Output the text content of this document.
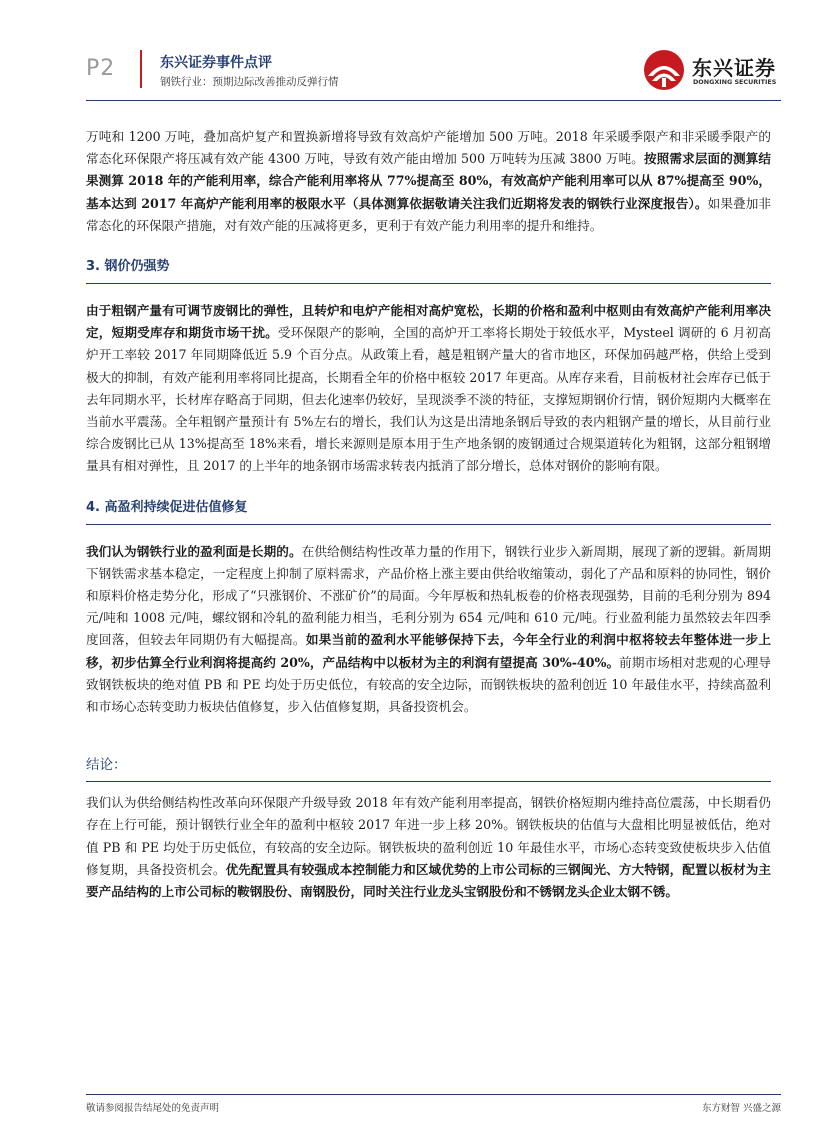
P2	东兴证券事件点评
钢铁行业：预期边际改善推动反弹行情
东兴证券
DONGXING SECURITIES

万吨和 1200 万吨，叠加高炉复产和置换新增将导致有效高炉产能增加 500 万吨。2018 年采暖季限产和非采暖季限产的常态化环保限产将压减有效产能 4300 万吨，导致有效产能由增加 500 万吨转为压减 3800 万吨。按照需求层面的测算结果测算 2018 年的产能利用率，综合产能利用率将从 77%提高至 80%，有效高炉产能利用率可以从 87%提高至 90%，基本达到 2017 年高炉产能利用率的极限水平（具体测算依据敬请关注我们近期将发表的钢铁行业深度报告）。如果叠加非常态化的环保限产措施，对有效产能的压减将更多，更利于有效产能力利用率的提升和维持。

3. 钢价仍强势

由于粗钢产量有可调节废钢比的弹性，且转炉和电炉产能相对高炉宽松，长期的价格和盈利中枢则由有效高炉产能利用率决定，短期受库存和期货市场干扰。受环保限产的影响，全国的高炉开工率将长期处于较低水平，Mysteel 调研的 6 月初高炉开工率较 2017 年同期降低近 5.9 个百分点。从政策上看，越是粗钢产量大的省市地区，环保加码越严格，供给上受到极大的抑制，有效产能利用率将同比提高，长期看全年的价格中枢较 2017 年更高。从库存来看，目前板材社会库存已低于去年同期水平，长材库存略高于同期，但去化速率仍较好，呈现淡季不淡的特征，支撑短期钢价行情，钢价短期内大概率在当前水平震荡。全年粗钢产量预计有 5%左右的增长，我们认为这是出清地条钢后导致的表内粗钢产量的增长，从目前行业综合废钢比已从 13%提高至 18%来看，增长来源则是原本用于生产地条钢的废钢通过合规渠道转化为粗钢，这部分粗钢增量具有相对弹性，且 2017 的上半年的地条钢市场需求转表内抵消了部分增长，总体对钢价的影响有限。

4. 高盈利持续促进估值修复

我们认为钢铁行业的盈利面是长期的。在供给侧结构性改革力量的作用下，钢铁行业步入新周期，展现了新的逻辑。新周期下钢铁需求基本稳定，一定程度上抑制了原料需求，产品价格上涨主要由供给收缩策动，弱化了产品和原料的协同性，钢价和原料价格走势分化，形成了“只涨钢价、不涨矿价”的局面。今年厚板和热轧板卷的价格表现强势，目前的毛利分别为 894 元/吨和 1008 元/吨，螺纹钢和冷轧的盈利能力相当，毛利分别为 654 元/吨和 610 元/吨。行业盈利能力虽然较去年四季度回落，但较去年同期仍有大幅提高。如果当前的盈利水平能够保持下去，今年全行业的利润中枢将较去年整体进一步上移，初步估算全行业利润将提高约 20%，产品结构中以板材为主的利润有望提高 30%-40%。前期市场相对悲观的心理导致钢铁板块的绝对值 PB 和 PE 均处于历史低位，有较高的安全边际，而钢铁板块的盈利创近 10 年最佳水平，持续高盈利和市场心态转变助力板块估值修复，步入估值修复期，具备投资机会。

结论：

我们认为供给侧结构性改革向环保限产升级导致 2018 年有效产能利用率提高，钢铁价格短期内维持高位震荡，中长期看仍存在上行可能，预计钢铁行业全年的盈利中枢较 2017 年进一步上移 20%。钢铁板块的估值与大盘相比明显被低估，绝对值 PB 和 PE 均处于历史低位，有较高的安全边际。钢铁板块的盈利创近 10 年最佳水平，市场心态转变致使板块步入估值修复期，具备投资机会。优先配置具有较强成本控制能力和区域优势的上市公司标的三钢闽光、方大特钢，配置以板材为主要产品结构的上市公司标的鞍钢股份、南钢股份，同时关注行业龙头宝钢股份和不锈钢龙头企业太钢不锈。

敬请参阅报告结尾处的免责声明	东方财智 兴盛之源
